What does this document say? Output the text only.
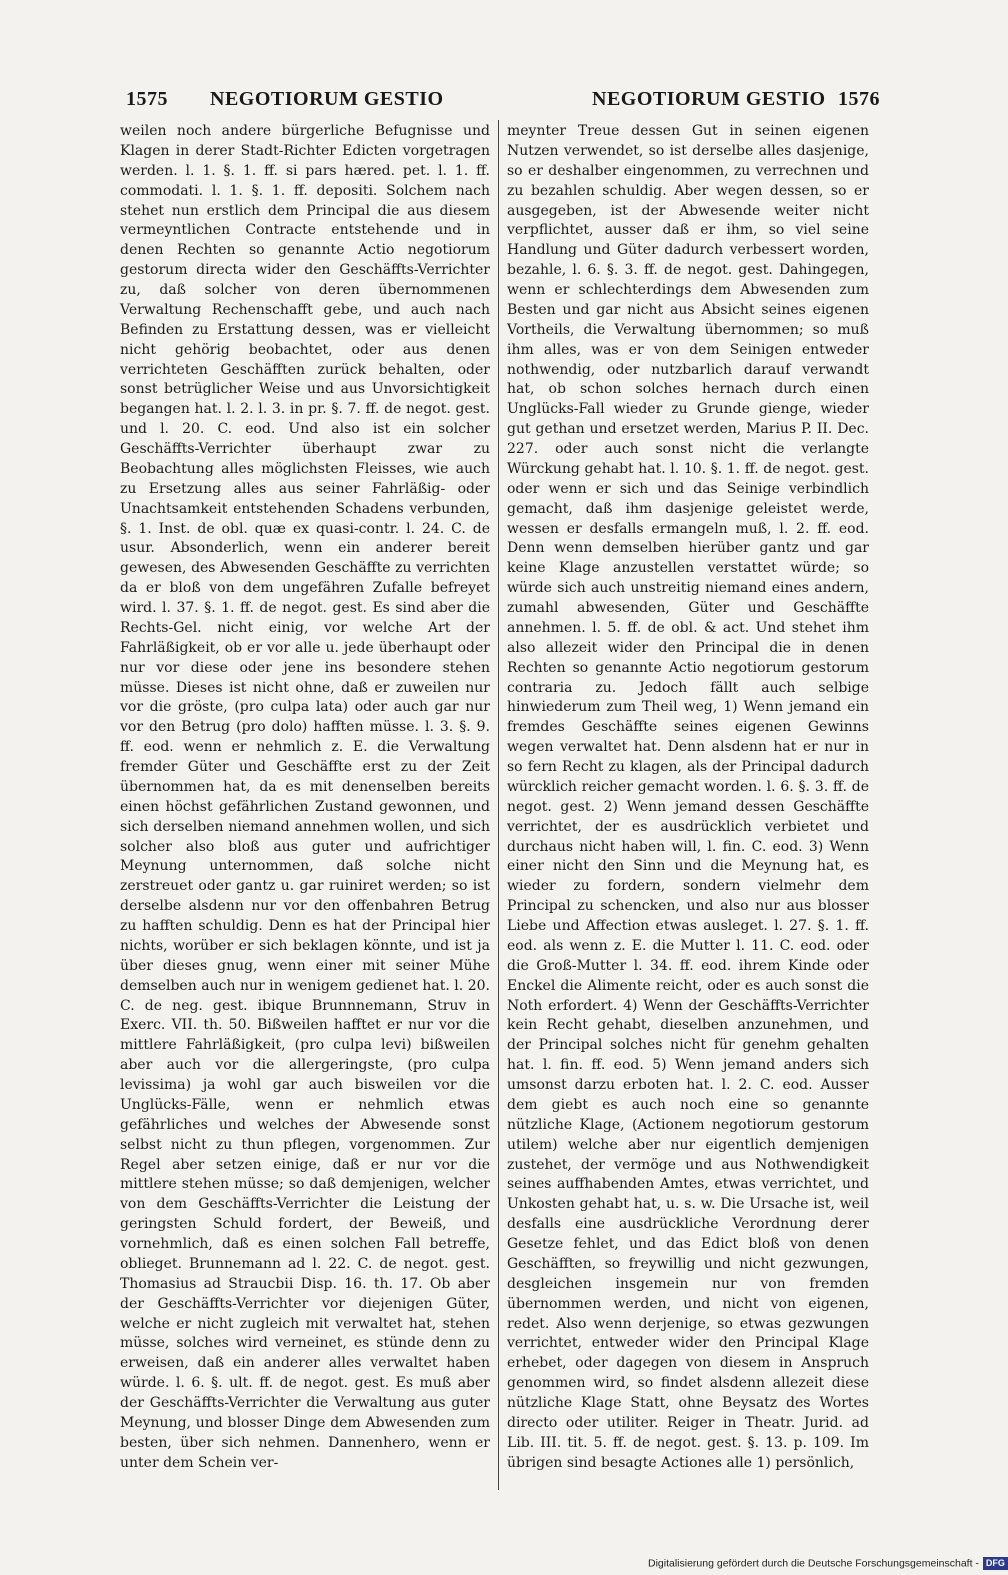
1575 NEGOTIORUM GESTIO	NEGOTIORUM GESTIO 1576

weilen noch andere bürgerliche Befugnisse und Klagen in derer Stadt-Richter Edicten vorgetragen werden. l. 1. §. 1. ff. si pars hæred. pet. l. 1. ff. commodati. l. 1. §. 1. ff. depositi. Solchem nach stehet nun erstlich dem Principal die aus diesem vermeyntlichen Contracte entstehende und in denen Rechten so genannte Actio negotiorum gestorum directa wider den Geschäffts-Verrichter zu, daß solcher von deren übernommenen Verwaltung Rechenschafft gebe, und auch nach Befinden zu Erstattung dessen, was er vielleicht nicht gehörig beobachtet, oder aus denen verrichteten Geschäfften zurück behalten, oder sonst betrüglicher Weise und aus Unvorsichtigkeit begangen hat. l. 2. l. 3. in pr. §. 7. ff. de negot. gest. und l. 20. C. eod. Und also ist ein solcher Geschäffts-Verrichter überhaupt zwar zu Beobachtung alles möglichsten Fleisses, wie auch zu Ersetzung alles aus seiner Fahrläßig- oder Unachtsamkeit entstehenden Schadens verbunden, §. 1. Inst. de obl. quæ ex quasi-contr. l. 24. C. de usur. Absonderlich, wenn ein anderer bereit gewesen, des Abwesenden Geschäffte zu verrichten da er bloß von dem ungefähren Zufalle befreyet wird. l. 37. §. 1. ff. de negot. gest. Es sind aber die Rechts-Gel. nicht einig, vor welche Art der Fahrläßigkeit, ob er vor alle u. jede überhaupt oder nur vor diese oder jene ins besondere stehen müsse. Dieses ist nicht ohne, daß er zuweilen nur vor die gröste, (pro culpa lata) oder auch gar nur vor den Betrug (pro dolo) hafften müsse. l. 3. §. 9. ff. eod. wenn er nehmlich z. E. die Verwaltung fremder Güter und Geschäffte erst zu der Zeit übernommen hat, da es mit denenselben bereits einen höchst gefährlichen Zustand gewonnen, und sich derselben niemand annehmen wollen, und sich solcher also bloß aus guter und aufrichtiger Meynung unternommen, daß solche nicht zerstreuet oder gantz u. gar ruiniret werden; so ist derselbe alsdenn nur vor den offenbahren Betrug zu hafften schuldig. Denn es hat der Principal hier nichts, worüber er sich beklagen könnte, und ist ja über dieses gnug, wenn einer mit seiner Mühe demselben auch nur in wenigem gedienet hat. l. 20. C. de neg. gest. ibique Brunnnemann, Struv in Exerc. VII. th. 50. Bißweilen hafftet er nur vor die mittlere Fahrläßigkeit, (pro culpa levi) bißweilen aber auch vor die allergeringste, (pro culpa levissima) ja wohl gar auch bisweilen vor die Unglücks-Fälle, wenn er nehmlich etwas gefährliches und welches der Abwesende sonst selbst nicht zu thun pflegen, vorgenommen. Zur Regel aber setzen einige, daß er nur vor die mittlere stehen müsse; so daß demjenigen, welcher von dem Geschäffts-Verrichter die Leistung der geringsten Schuld fordert, der Beweiß, und vornehmlich, daß es einen solchen Fall betreffe, oblieget. Brunnemann ad l. 22. C. de negot. gest. Thomasius ad Straucbii Disp. 16. th. 17. Ob aber der Geschäffts-Verrichter vor diejenigen Güter, welche er nicht zugleich mit verwaltet hat, stehen müsse, solches wird verneinet, es stünde denn zu erweisen, daß ein anderer alles verwaltet haben würde. l. 6. §. ult. ff. de negot. gest. Es muß aber der Geschäffts-Verrichter die Verwaltung aus guter Meynung, und blosser Dinge dem Abwesenden zum besten, über sich nehmen. Dannenhero, wenn er unter dem Schein ver-

meynter Treue dessen Gut in seinen eigenen Nutzen verwendet, so ist derselbe alles dasjenige, so er deshalber eingenommen, zu verrechnen und zu bezahlen schuldig. Aber wegen dessen, so er ausgegeben, ist der Abwesende weiter nicht verpflichtet, ausser daß er ihm, so viel seine Handlung und Güter dadurch verbessert worden, bezahle, l. 6. §. 3. ff. de negot. gest. Dahingegen, wenn er schlechterdings dem Abwesenden zum Besten und gar nicht aus Absicht seines eigenen Vortheils, die Verwaltung übernommen; so muß ihm alles, was er von dem Seinigen entweder nothwendig, oder nutzbarlich darauf verwandt hat, ob schon solches hernach durch einen Unglücks-Fall wieder zu Grunde gienge, wieder gut gethan und ersetzet werden, Marius P. II. Dec. 227. oder auch sonst nicht die verlangte Würckung gehabt hat. l. 10. §. 1. ff. de negot. gest. oder wenn er sich und das Seinige verbindlich gemacht, daß ihm dasjenige geleistet werde, wessen er desfalls ermangeln muß, l. 2. ff. eod. Denn wenn demselben hierüber gantz und gar keine Klage anzustellen verstattet würde; so würde sich auch unstreitig niemand eines andern, zumahl abwesenden, Güter und Geschäffte annehmen. l. 5. ff. de obl. & act. Und stehet ihm also allezeit wider den Principal die in denen Rechten so genannte Actio negotiorum gestorum contraria zu. Jedoch fällt auch selbige hinwiederum zum Theil weg, 1) Wenn jemand ein fremdes Geschäffte seines eigenen Gewinns wegen verwaltet hat. Denn alsdenn hat er nur in so fern Recht zu klagen, als der Principal dadurch würcklich reicher gemacht worden. l. 6. §. 3. ff. de negot. gest. 2) Wenn jemand dessen Geschäffte verrichtet, der es ausdrücklich verbietet und durchaus nicht haben will, l. fin. C. eod. 3) Wenn einer nicht den Sinn und die Meynung hat, es wieder zu fordern, sondern vielmehr dem Principal zu schencken, und also nur aus blosser Liebe und Affection etwas ausleget. l. 27. §. 1. ff. eod. als wenn z. E. die Mutter l. 11. C. eod. oder die Groß-Mutter l. 34. ff. eod. ihrem Kinde oder Enckel die Alimente reicht, oder es auch sonst die Noth erfordert. 4) Wenn der Geschäffts-Verrichter kein Recht gehabt, dieselben anzunehmen, und der Principal solches nicht für genehm gehalten hat. l. fin. ff. eod. 5) Wenn jemand anders sich umsonst darzu erboten hat. l. 2. C. eod. Ausser dem giebt es auch noch eine so genannte nützliche Klage, (Actionem negotiorum gestorum utilem) welche aber nur eigentlich demjenigen zustehet, der vermöge und aus Nothwendigkeit seines auffhabenden Amtes, etwas verrichtet, und Unkosten gehabt hat, u. s. w. Die Ursache ist, weil desfalls eine ausdrückliche Verordnung derer Gesetze fehlet, und das Edict bloß von denen Geschäfften, so freywillig und nicht gezwungen, desgleichen insgemein nur von fremden übernommen werden, und nicht von eigenen, redet. Also wenn derjenige, so etwas gezwungen verrichtet, entweder wider den Principal Klage erhebet, oder dagegen von diesem in Anspruch genommen wird, so findet alsdenn allezeit diese nützliche Klage Statt, ohne Beysatz des Wortes directo oder utiliter. Reiger in Theatr. Jurid. ad Lib. III. tit. 5. ff. de negot. gest. §. 13. p. 109. Im übrigen sind besagte Actiones alle 1) persönlich,

Digitalisierung gefördert durch die Deutsche Forschungsgemeinschaft - DFG
